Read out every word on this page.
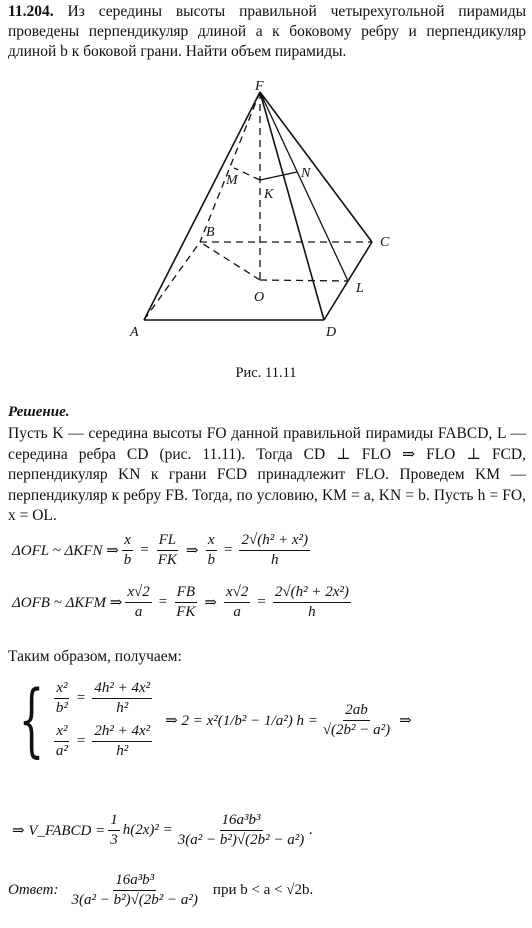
11.204. Из середины высоты правильной четырехугольной пирамиды проведены перпендикуляр длиной a к боковому ребру и перпендикуляр длиной b к боковой грани. Найти объем пирамиды.
F
M
K
N
B
C
O
L
A	D
Рис. 11.11
Решение.
Пусть K — середина высоты FO данной правильной пирамиды FABCD, L — середина ребра CD (рис. 11.11). Тогда CD ⊥ FLO ⇒ FLO ⊥ FCD, перпендикуляр KN к грани FCD принадлежит FLO. Проведем KM — перпендикуляр к ребру FB. Тогда, по условию, KM = a, KN = b. Пусть h = FO, x = OL.
ΔOFL ~ ΔKFN ⇒ $\frac{x}{b} = \frac{FL}{FK}$ ⇒ $\frac{x}{b} = \frac{\text{2√(h² + x²)}}{h}$
ΔOFB ~ ΔKFM ⇒ $\frac{x√2}{a} = \frac{FB}{FK}$ ⇒ $\frac{x√2}{a} = \frac{\text{2√(h² + 2x²)}}{h}$
Таким образом, получаем:
{ $\frac{\text{x²}}{\text{b²}} = \frac{\text{4h² + 4x²}}{\text{h²}}$
$\frac{\text{x²}}{\text{a²}} = \frac{\text{2h² + 4x²}}{\text{h²}}$
⇒ 2 = x²(1/b² − 1/a²) $h = \frac{2ab}{\text{√(2b² − a²)}}$ ⇒
⇒ V_FABCD = $\frac{1}{3} h(2x)^2 = \frac{\text{16a³b³}}{\text{3(a² − b²)√(2b² − a²)}}$ .
Ответ: $\frac{\text{16a³b³}}{\text{3(a² − b²)√(2b² − a²)}}$ при b < a < √2b.
